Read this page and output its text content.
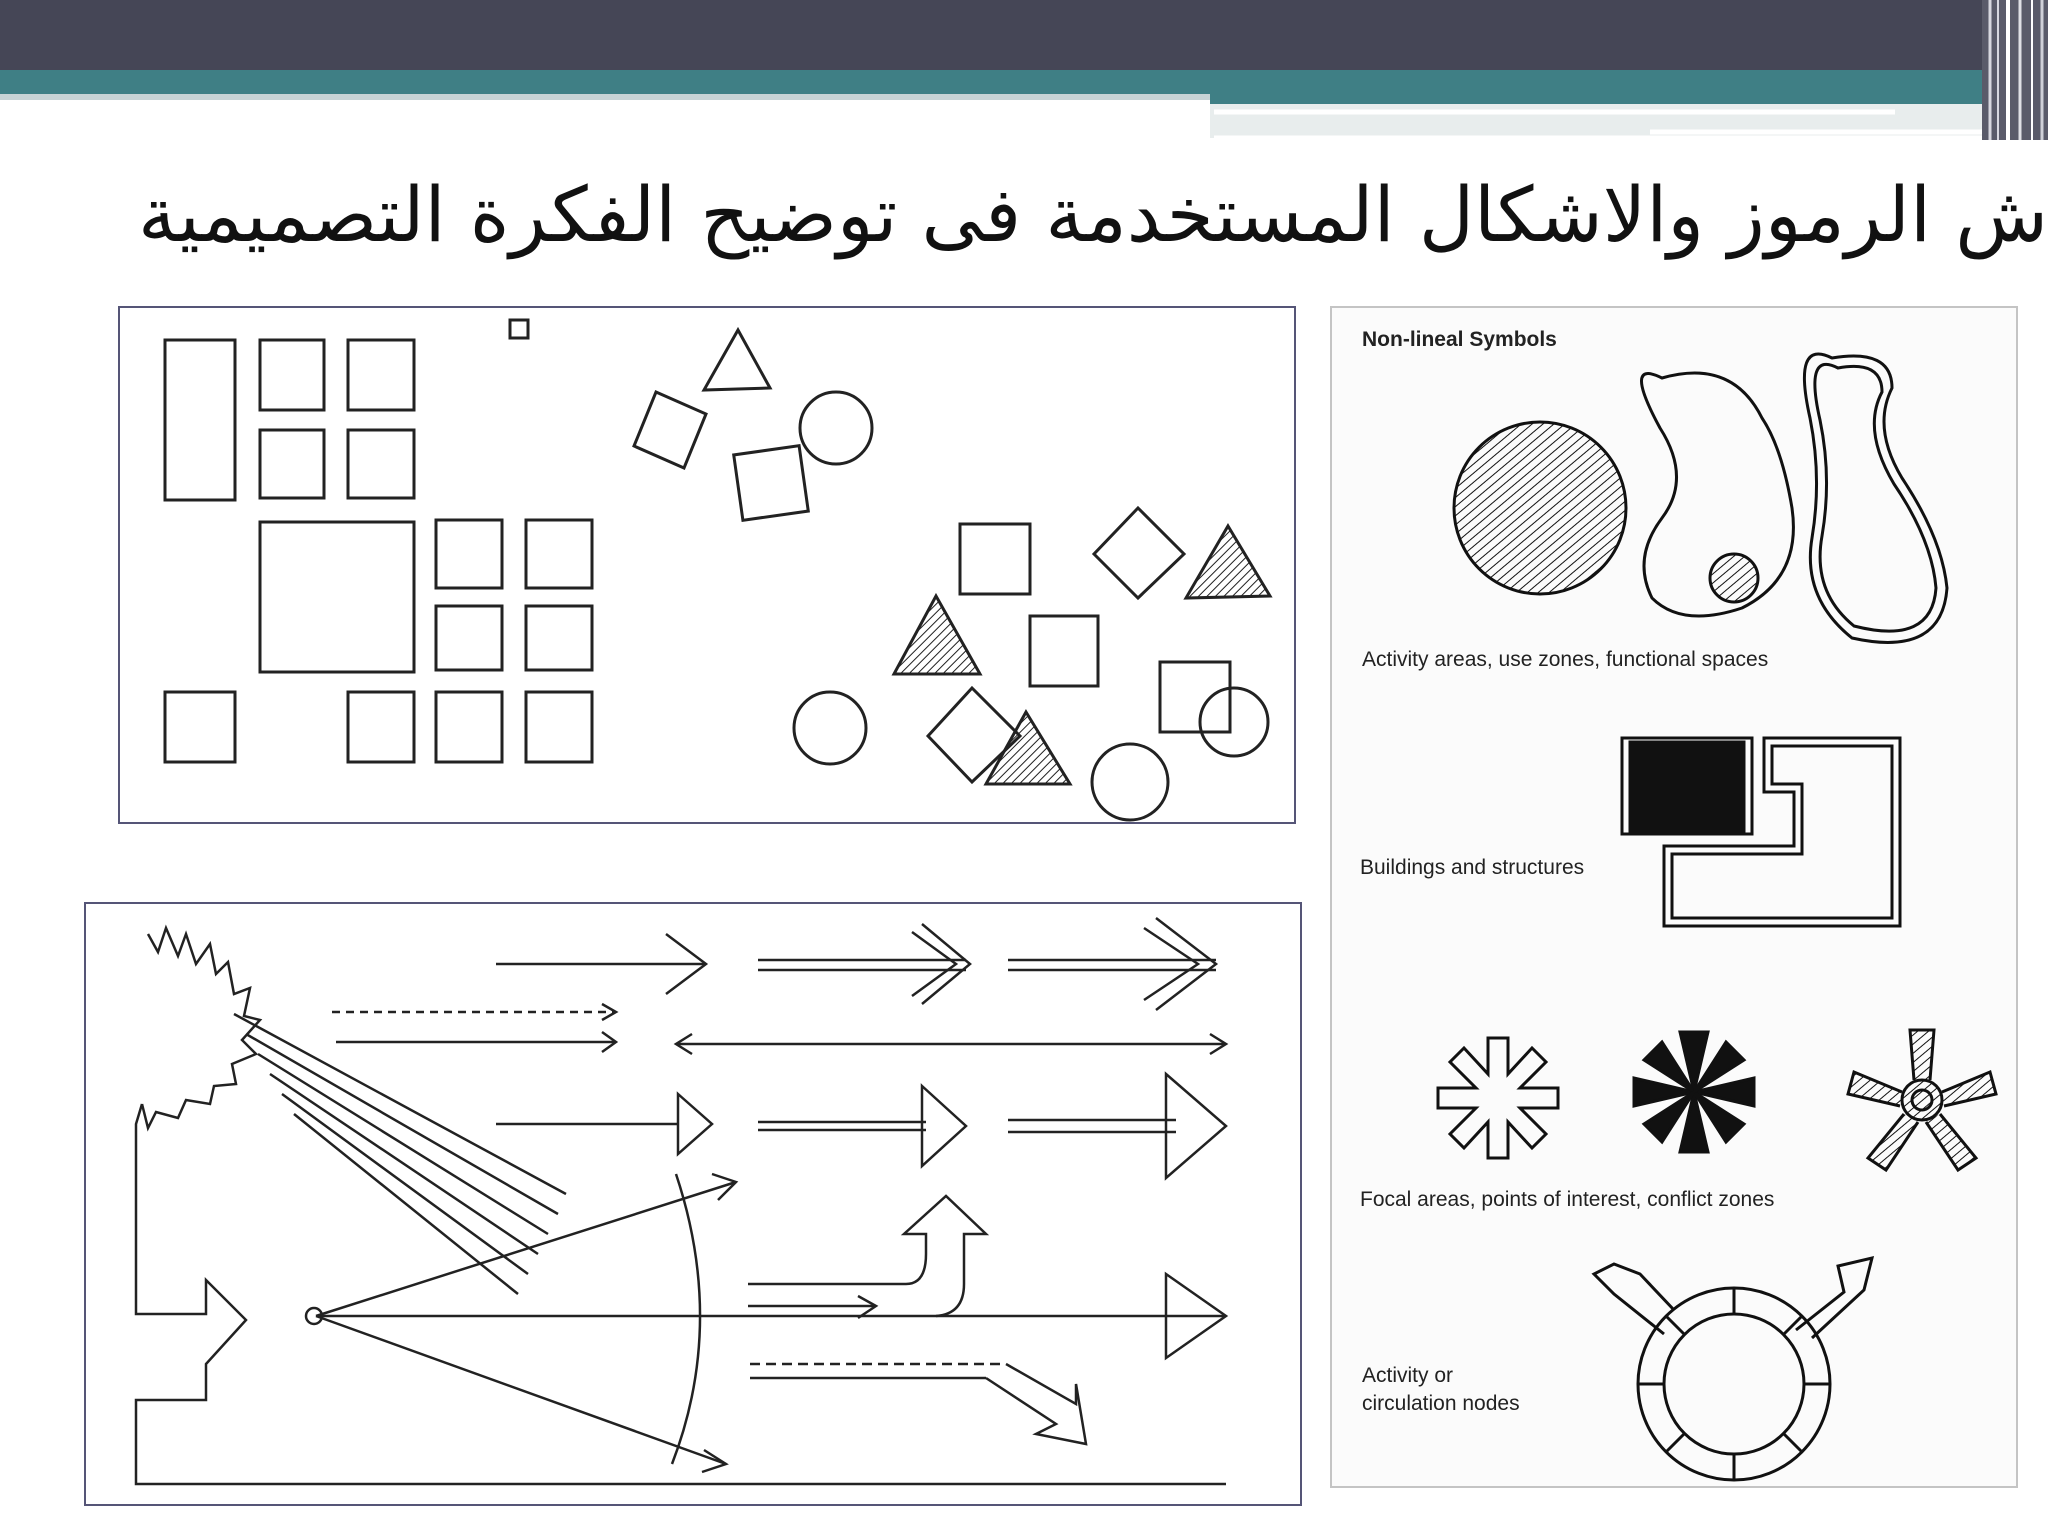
ش الرموز والاشكال المستخدمة فى توضيح الفكرة التصميمية
Non-lineal Symbols
Activity areas, use zones, functional spaces
Buildings and structures
Focal areas, points of interest, conflict zones
Activity or
circulation nodes
